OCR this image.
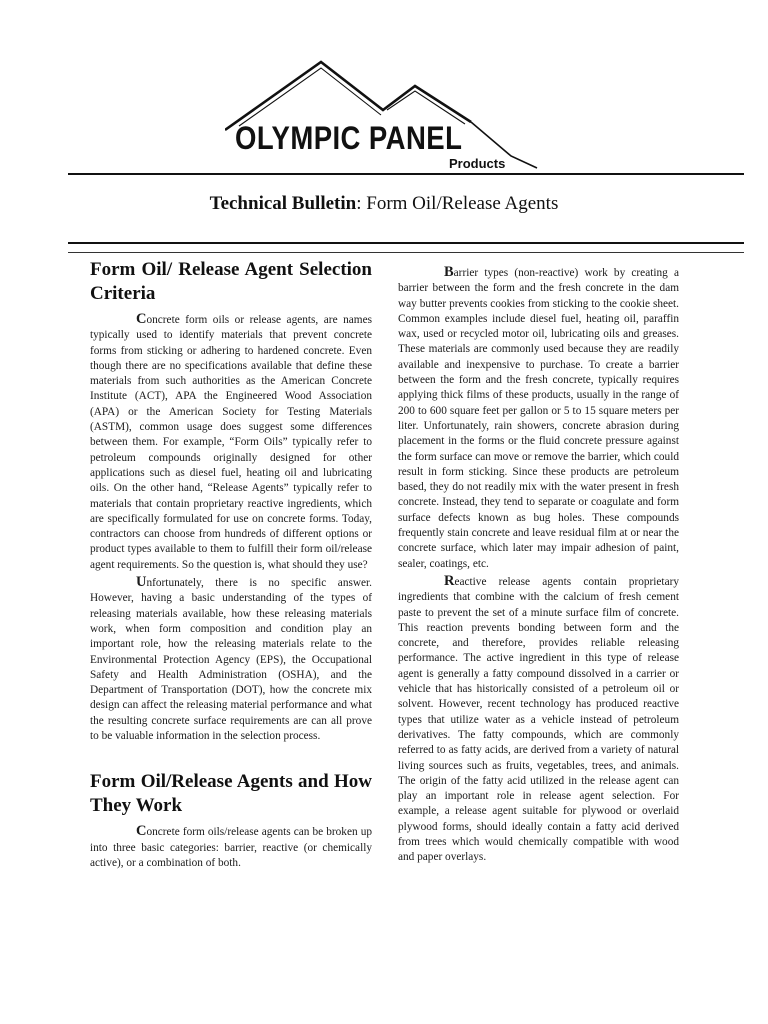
OLYMPIC PANEL
Products
Technical Bulletin: Form Oil/Release Agents
Form Oil/ Release Agent Selection Criteria

Concrete form oils or release agents, are names typically used to identify materials that prevent concrete forms from sticking or adhering to hardened concrete. Even though there are no specifications available that define these materials from such authorities as the American Concrete Institute (ACT), APA the Engineered Wood Association (APA) or the American Society for Testing Materials (ASTM), common usage does suggest some differences between them. For example, “Form Oils” typically refer to petroleum compounds originally designed for other applications such as diesel fuel, heating oil and lubricating oils. On the other hand, “Release Agents” typically refer to materials that contain proprietary reactive ingredients, which are specifically formulated for use on concrete forms. Today, contractors can choose from hundreds of different options or product types available to them to fulfill their form oil/release agent requirements. So the question is, what should they use?

Unfortunately, there is no specific answer. However, having a basic understanding of the types of releasing materials available, how these releasing materials work, when form composition and condition play an important role, how the releasing materials relate to the Environmental Protection Agency (EPS), the Occupational Safety and Health Administration (OSHA), and the Department of Transportation (DOT), how the concrete mix design can affect the releasing material performance and what the resulting concrete surface requirements are can all prove to be valuable information in the selection process.

Form Oil/Release Agents and How They Work

Concrete form oils/release agents can be broken up into three basic categories: barrier, reactive (or chemically active), or a combination of both.

Barrier types (non-reactive) work by creating a barrier between the form and the fresh concrete in the dam way butter prevents cookies from sticking to the cookie sheet. Common examples include diesel fuel, heating oil, paraffin wax, used or recycled motor oil, lubricating oils and greases. These materials are commonly used because they are readily available and inexpensive to purchase. To create a barrier between the form and the fresh concrete, typically requires applying thick films of these products, usually in the range of 200 to 600 square feet per gallon or 5 to 15 square meters per liter. Unfortunately, rain showers, concrete abrasion during placement in the forms or the fluid concrete pressure against the form surface can move or remove the barrier, which could result in form sticking. Since these products are petroleum based, they do not readily mix with the water present in fresh concrete. Instead, they tend to separate or coagulate and form surface defects known as bug holes. These compounds frequently stain concrete and leave residual film at or near the concrete surface, which later may impair adhesion of paint, sealer, coatings, etc.

Reactive release agents contain proprietary ingredients that combine with the calcium of fresh cement paste to prevent the set of a minute surface film of concrete. This reaction prevents bonding between form and the concrete, and therefore, provides reliable releasing performance. The active ingredient in this type of release agent is generally a fatty compound dissolved in a carrier or vehicle that has historically consisted of a petroleum oil or solvent. However, recent technology has produced reactive types that utilize water as a vehicle instead of petroleum derivatives. The fatty compounds, which are commonly referred to as fatty acids, are derived from a variety of natural living sources such as fruits, vegetables, trees, and animals. The origin of the fatty acid utilized in the release agent can play an important role in release agent selection. For example, a release agent suitable for plywood or overlaid plywood forms, should ideally contain a fatty acid derived from trees which would chemically compatible with wood and paper overlays.
